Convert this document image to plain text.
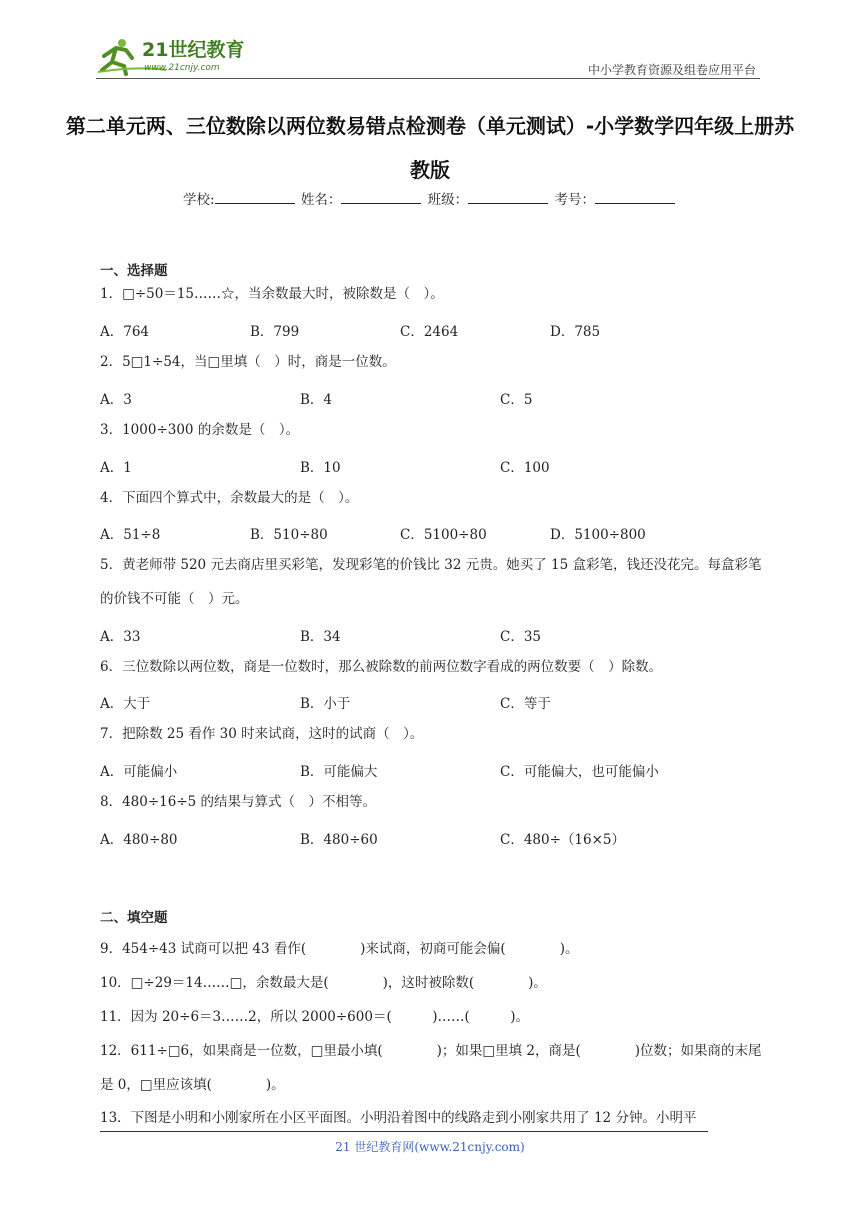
21世纪教育
www.21cnjy.com	中小学教育资源及组卷应用平台
第二单元两、三位数除以两位数易错点检测卷（单元测试）-小学数学四年级上册苏教版
学校:	姓名：	班级：	考号：
一、选择题
1．□÷50＝15……☆，当余数最大时，被除数是（　）。
A．764	B．799	C．2464	D．785
2．5□1÷54，当□里填（　）时，商是一位数。
A．3	B．4	C．5
3．1000÷300 的余数是（　）。
A．1	B．10	C．100
4．下面四个算式中，余数最大的是（　）。
A．51÷8	B．510÷80	C．5100÷80	D．5100÷800
5．黄老师带 520 元去商店里买彩笔，发现彩笔的价钱比 32 元贵。她买了 15 盒彩笔，钱还没花完。每盒彩笔的价钱不可能（　）元。
A．33	B．34	C．35
6．三位数除以两位数，商是一位数时，那么被除数的前两位数字看成的两位数要（　）除数。
A．大于	B．小于	C．等于
7．把除数 25 看作 30 时来试商，这时的试商（　）。
A．可能偏小	B．可能偏大	C．可能偏大，也可能偏小
8．480÷16÷5 的结果与算式（　）不相等。
A．480÷80	B．480÷60	C．480÷（16×5）
二、填空题
9．454÷43 试商可以把 43 看作(　　　　)来试商，初商可能会偏(　　　　)。
10．□÷29＝14……□，余数最大是(　　　　)，这时被除数(　　　　)。
11．因为 20÷6＝3……2，所以 2000÷600＝(　　　)……(　　　)。
12．611÷□6，如果商是一位数，□里最小填(　　　　)；如果□里填 2，商是(　　　　)位数；如果商的末尾是 0，□里应该填(　　　　)。
13．下图是小明和小刚家所在小区平面图。小明沿着图中的线路走到小刚家共用了 12 分钟。小明平
21 世纪教育网(www.21cnjy.com)
